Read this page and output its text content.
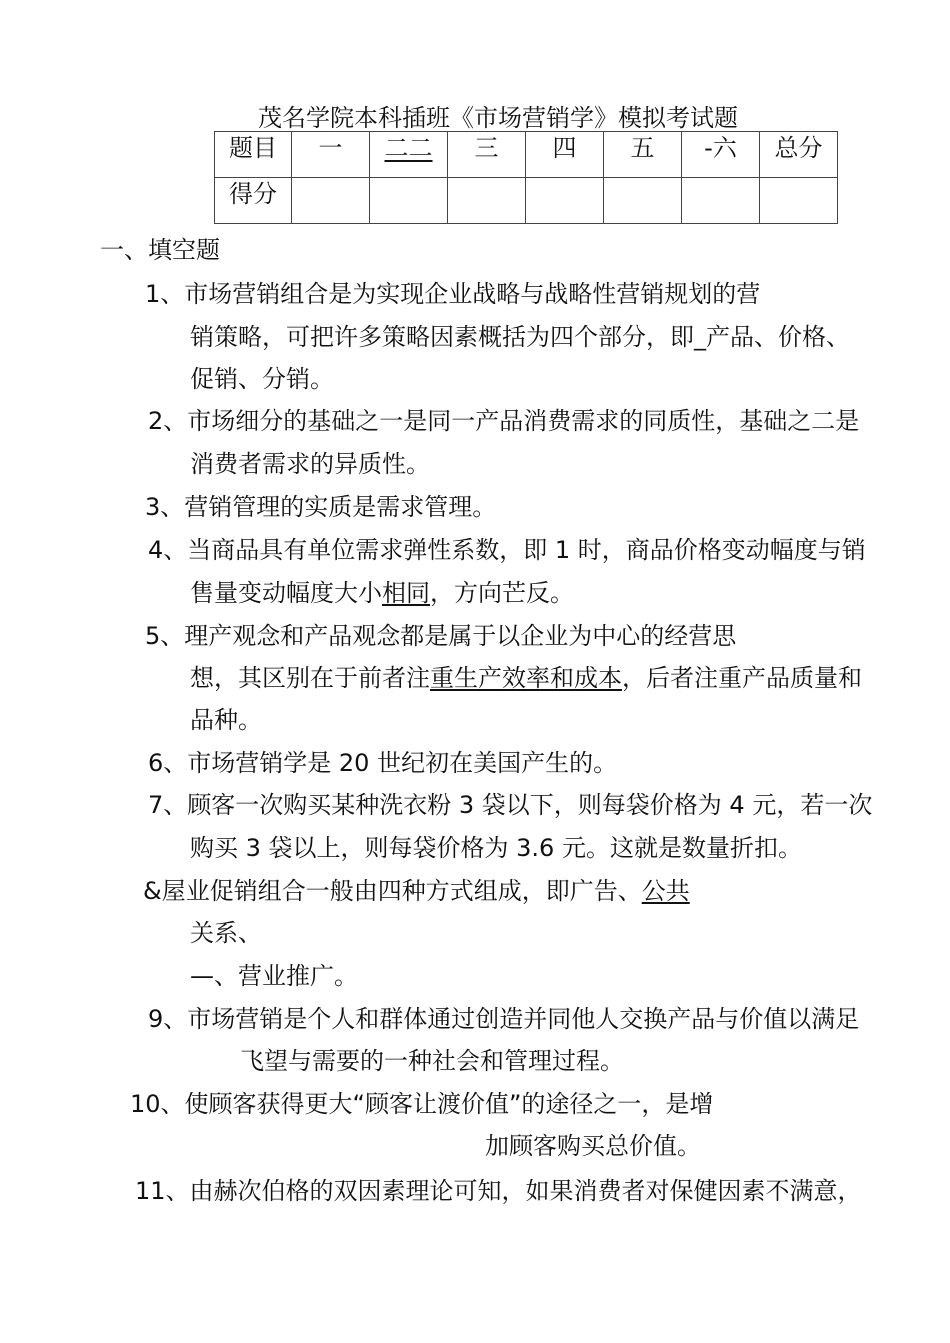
茂名学院本科插班《市场营销学》模拟考试题
题目	一	二二	三	四	五	-六	总分
得分							
一、填空题
1、市场营销组合是为实现企业战略与战略性营销规划的营
销策略，可把许多策略因素概括为四个部分，即_产品、价格、
促销、分销。
2、市场细分的基础之一是同一产品消费需求的同质性，基础之二是
消费者需求的异质性。
3、营销管理的实质是需求管理。
4、当商品具有单位需求弹性系数，即 1 时，商品价格变动幅度与销
售量变动幅度大小相同，方向芒反。
5、理产观念和产品观念都是属于以企业为中心的经营思
想，其区别在于前者注重生产效率和成本，后者注重产品质量和
品种。
6、市场营销学是 20 世纪初在美国产生的。
7、顾客一次购买某种洗衣粉 3 袋以下，则每袋价格为 4 元，若一次
购买 3 袋以上，则每袋价格为 3.6 元。这就是数量折扣。
&屋业促销组合一般由四种方式组成，即广告、公共
关系、
—、营业推广。
9、市场营销是个人和群体通过创造并同他人交换产品与价值以满足
飞望与需要的一种社会和管理过程。
10、使顾客获得更大“顾客让渡价值”的途径之一，是增
加顾客购买总价值。
11、由赫次伯格的双因素理论可知，如果消费者对保健因素不满意，
